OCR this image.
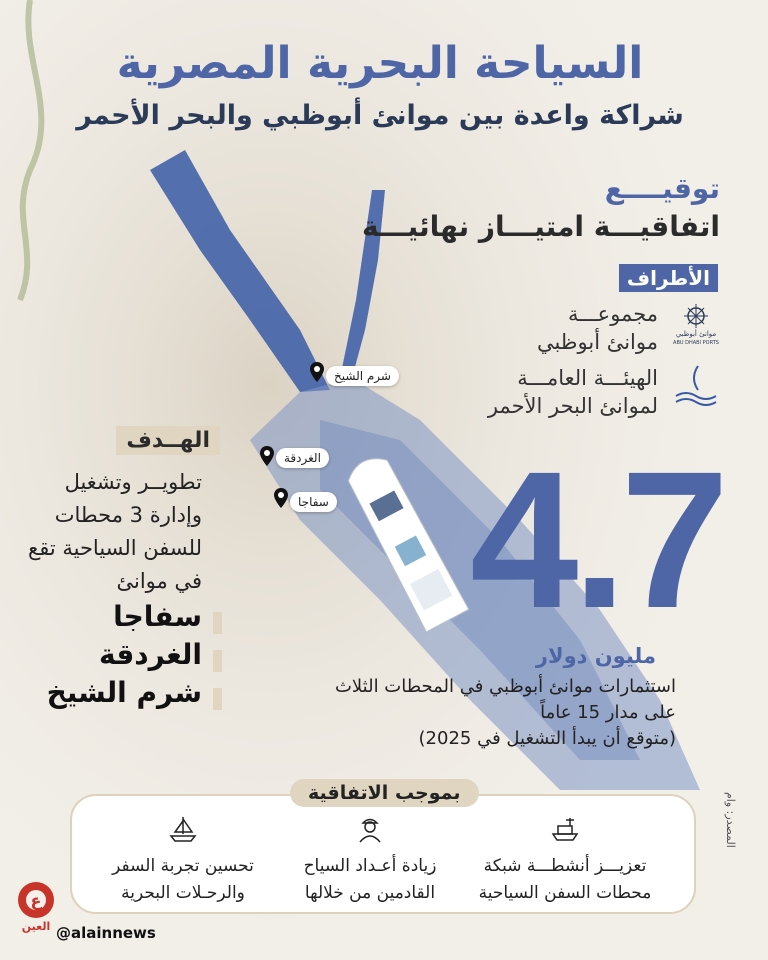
السياحة البحرية المصرية
شراكة واعدة بين موانئ أبوظبي والبحر الأحمر
توقيــــع
اتفاقيـــة امتيـــاز نهائيـــة
الأطراف
مجموعـــة
موانئ أبوظبي	موانئ أبوظبي
ABU DHABI PORTS
الهيئـــة العامـــة
لموانئ البحر الأحمر
شرم الشيخ
الغردقة
سفاجا
الهــدف
تطويــر وتشغيل وإدارة 3 محطات للسفن السياحية تقع في موانئ
سفاجا
الغردقة
شرم الشيخ
4.7
مليون دولار
استثمارات موانئ أبوظبي في المحطات الثلاث
على مدار 15 عاماً
(متوقع أن يبدأ التشغيل في 2025)
بموجب الاتفاقية
تعزيـــز أنشطـــة شبكة
محطات السفن السياحية
زيادة أعـداد السياح
القادمين من خلالها
تحسين تجربة السفر
والرحـلات البحرية
المصدر: وام
ع
العين @alainnews
